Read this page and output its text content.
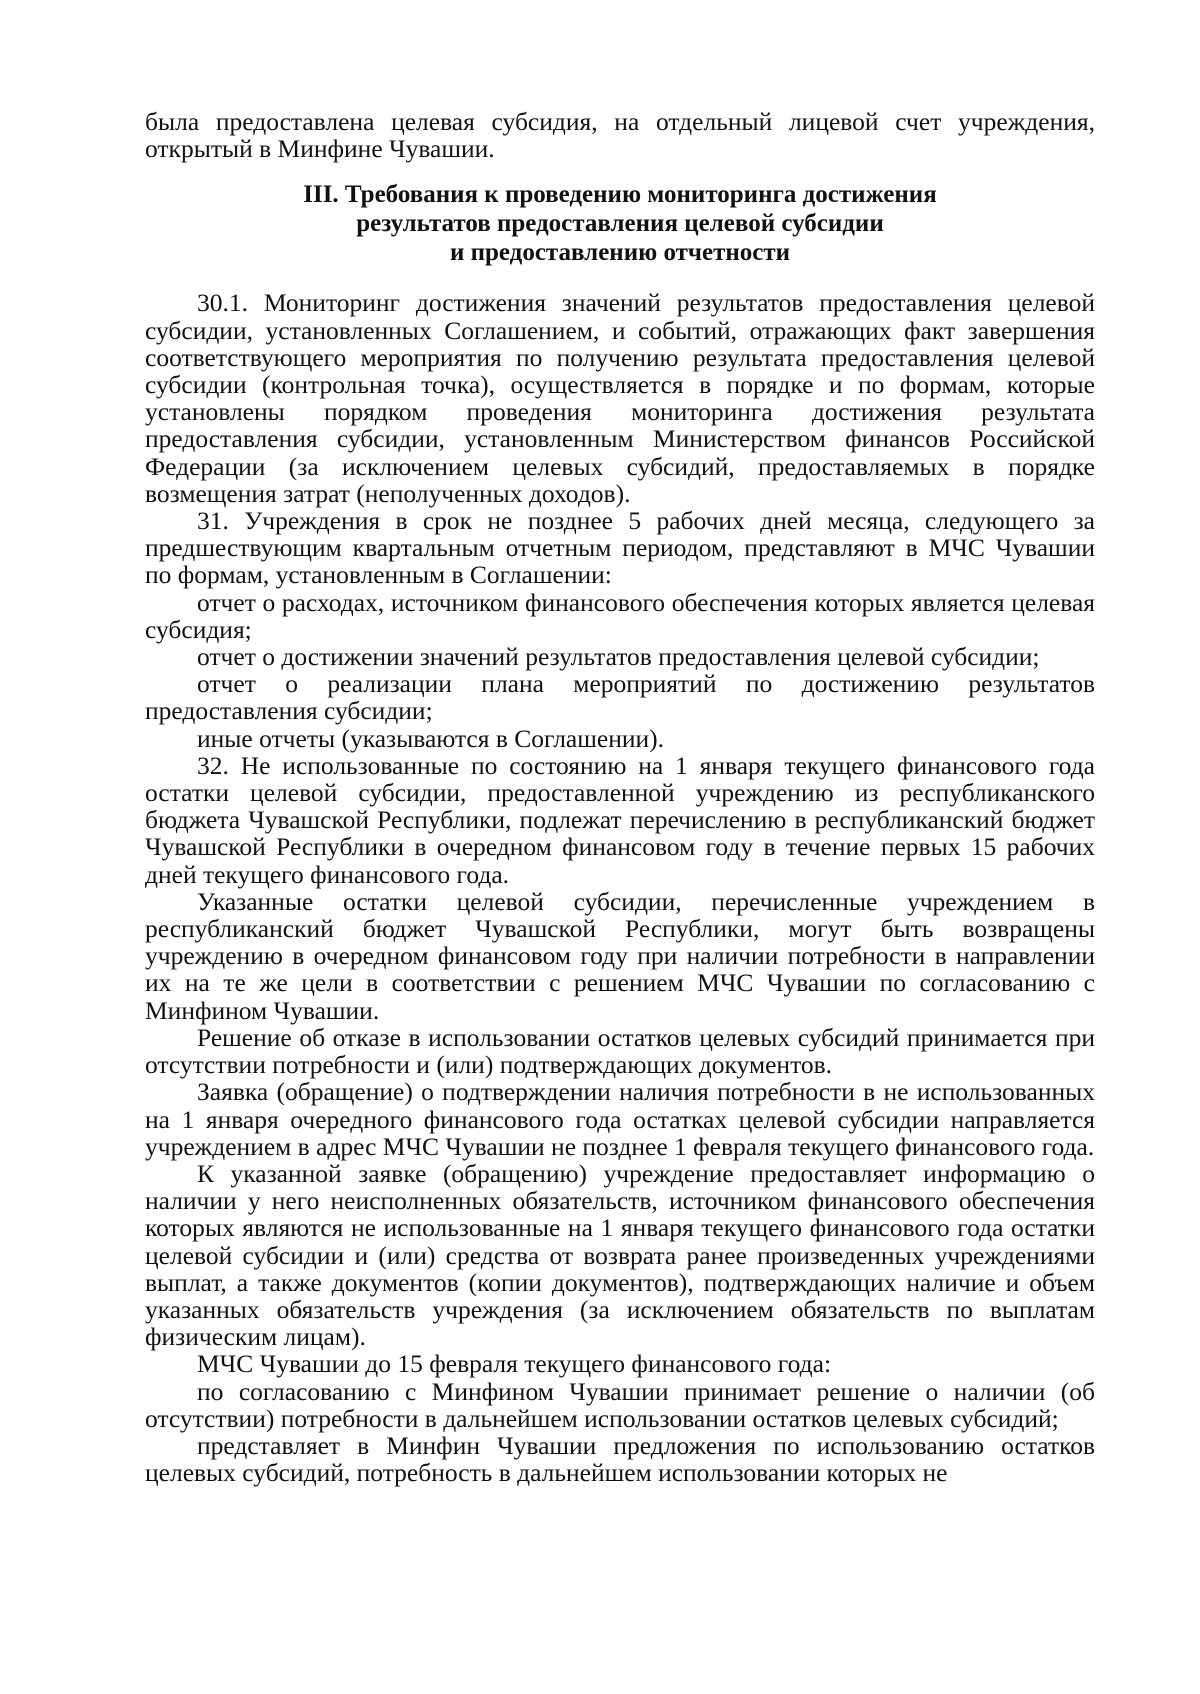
была предоставлена целевая субсидия, на отдельный лицевой счет учреждения, открытый в Минфине Чувашии.

III. Требования к проведению мониторинга достижения
результатов предоставления целевой субсидии
и предоставлению отчетности

30.1. Мониторинг достижения значений результатов предоставления целевой субсидии, установленных Соглашением, и событий, отражающих факт завершения соответствующего мероприятия по получению результата предоставления целевой субсидии (контрольная точка), осуществляется в порядке и по формам, которые установлены порядком проведения мониторинга достижения результата предоставления субсидии, установленным Министерством финансов Российской Федерации (за исключением целевых субсидий, предоставляемых в порядке возмещения затрат (неполученных доходов).

31. Учреждения в срок не позднее 5 рабочих дней месяца, следующего за предшествующим квартальным отчетным периодом, представляют в МЧС Чувашии по формам, установленным в Соглашении:

отчет о расходах, источником финансового обеспечения которых является целевая субсидия;

отчет о достижении значений результатов предоставления целевой субсидии;

отчет о реализации плана мероприятий по достижению результатов предоставления субсидии;

иные отчеты (указываются в Соглашении).

32. Не использованные по состоянию на 1 января текущего финансового года остатки целевой субсидии, предоставленной учреждению из республиканского бюджета Чувашской Республики, подлежат перечислению в республиканский бюджет Чувашской Республики в очередном финансовом году в течение первых 15 рабочих дней текущего финансового года.

Указанные остатки целевой субсидии, перечисленные учреждением в республиканский бюджет Чувашской Республики, могут быть возвращены учреждению в очередном финансовом году при наличии потребности в направлении их на те же цели в соответствии с решением МЧС Чувашии по согласованию с Минфином Чувашии.

Решение об отказе в использовании остатков целевых субсидий принимается при отсутствии потребности и (или) подтверждающих документов.

Заявка (обращение) о подтверждении наличия потребности в не использованных на 1 января очередного финансового года остатках целевой субсидии направляется учреждением в адрес МЧС Чувашии не позднее 1 февраля текущего финансового года.

К указанной заявке (обращению) учреждение предоставляет информацию о наличии у него неисполненных обязательств, источником финансового обеспечения которых являются не использованные на 1 января текущего финансового года остатки целевой субсидии и (или) средства от возврата ранее произведенных учреждениями выплат, а также документов (копии документов), подтверждающих наличие и объем указанных обязательств учреждения (за исключением обязательств по выплатам физическим лицам).

МЧС Чувашии до 15 февраля текущего финансового года:

по согласованию с Минфином Чувашии принимает решение о наличии (об отсутствии) потребности в дальнейшем использовании остатков целевых субсидий;

представляет в Минфин Чувашии предложения по использованию остатков целевых субсидий, потребность в дальнейшем использовании которых не
